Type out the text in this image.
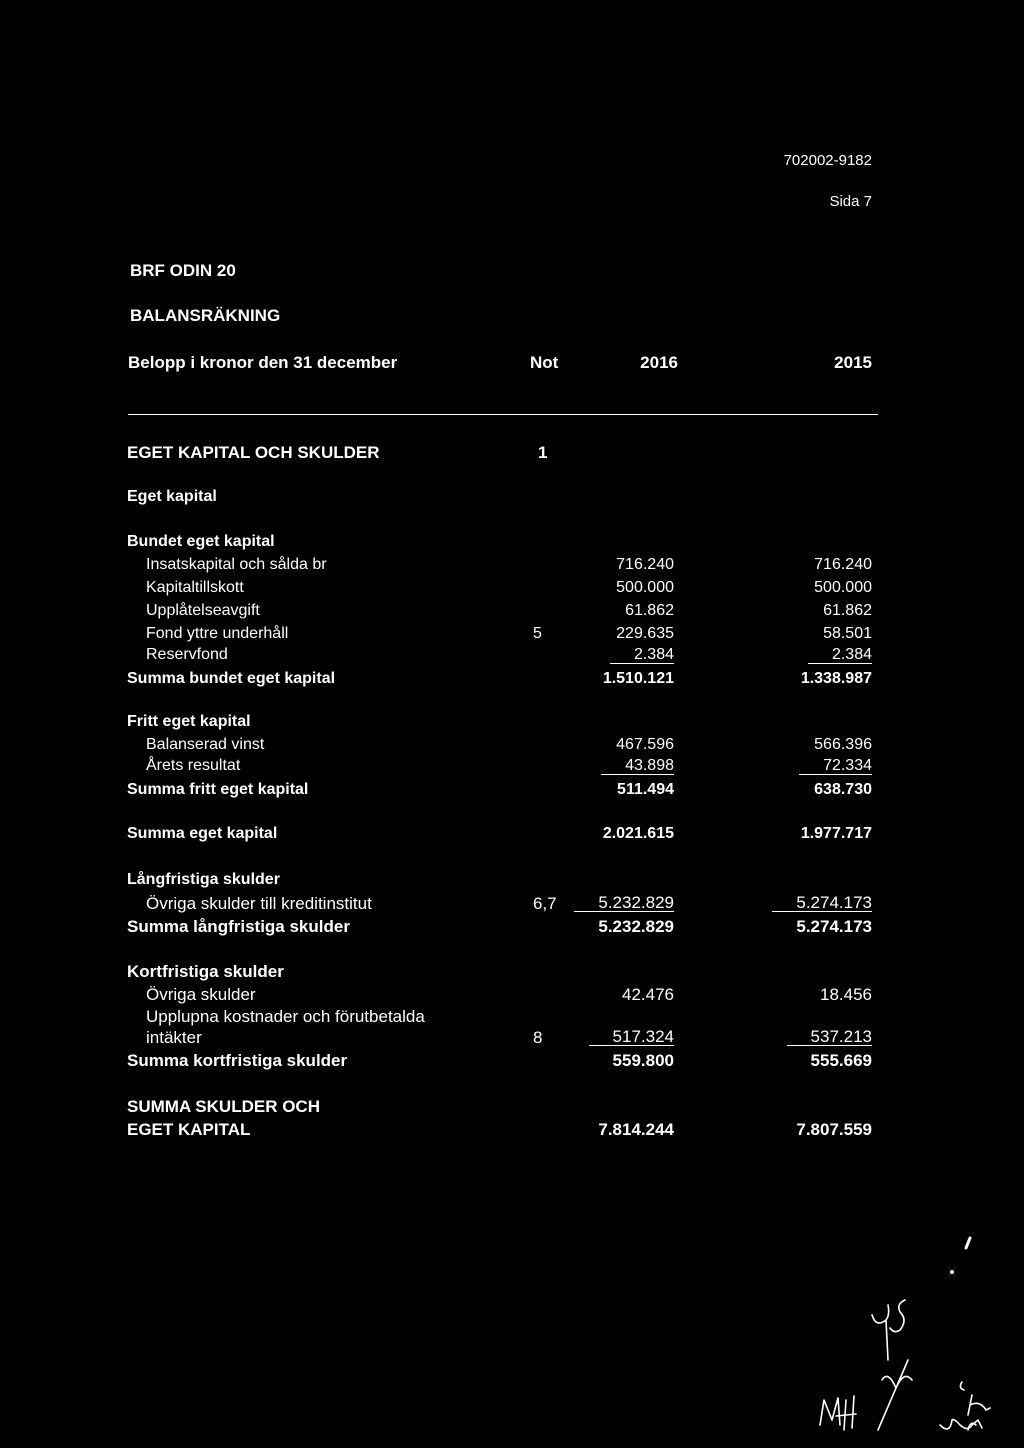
702002-9182
Sida 7
BRF ODIN 20
BALANSRÄKNING
Belopp i kronor den 31 december	Not	2016	2015
EGET KAPITAL OCH SKULDER	1
Eget kapital
Bundet eget kapital
Insatskapital och sålda br	716.240	716.240
Kapitaltillskott	500.000	500.000
Upplåtelseavgift	61.862	61.862
Fond yttre underhåll	5	229.635	58.501
Reservfond	2.384	2.384
Summa bundet eget kapital	1.510.121	1.338.987
Fritt eget kapital
Balanserad vinst	467.596	566.396
Årets resultat	43.898	72.334
Summa fritt eget kapital	511.494	638.730
Summa eget kapital	2.021.615	1.977.717
Långfristiga skulder
Övriga skulder till kreditinstitut	6,7	5.232.829	5.274.173
Summa långfristiga skulder	5.232.829	5.274.173
Kortfristiga skulder
Övriga skulder	42.476	18.456
Upplupna kostnader och förutbetalda
intäkter	8	517.324	537.213
Summa kortfristiga skulder	559.800	555.669
SUMMA SKULDER OCH
EGET KAPITAL	7.814.244	7.807.559
